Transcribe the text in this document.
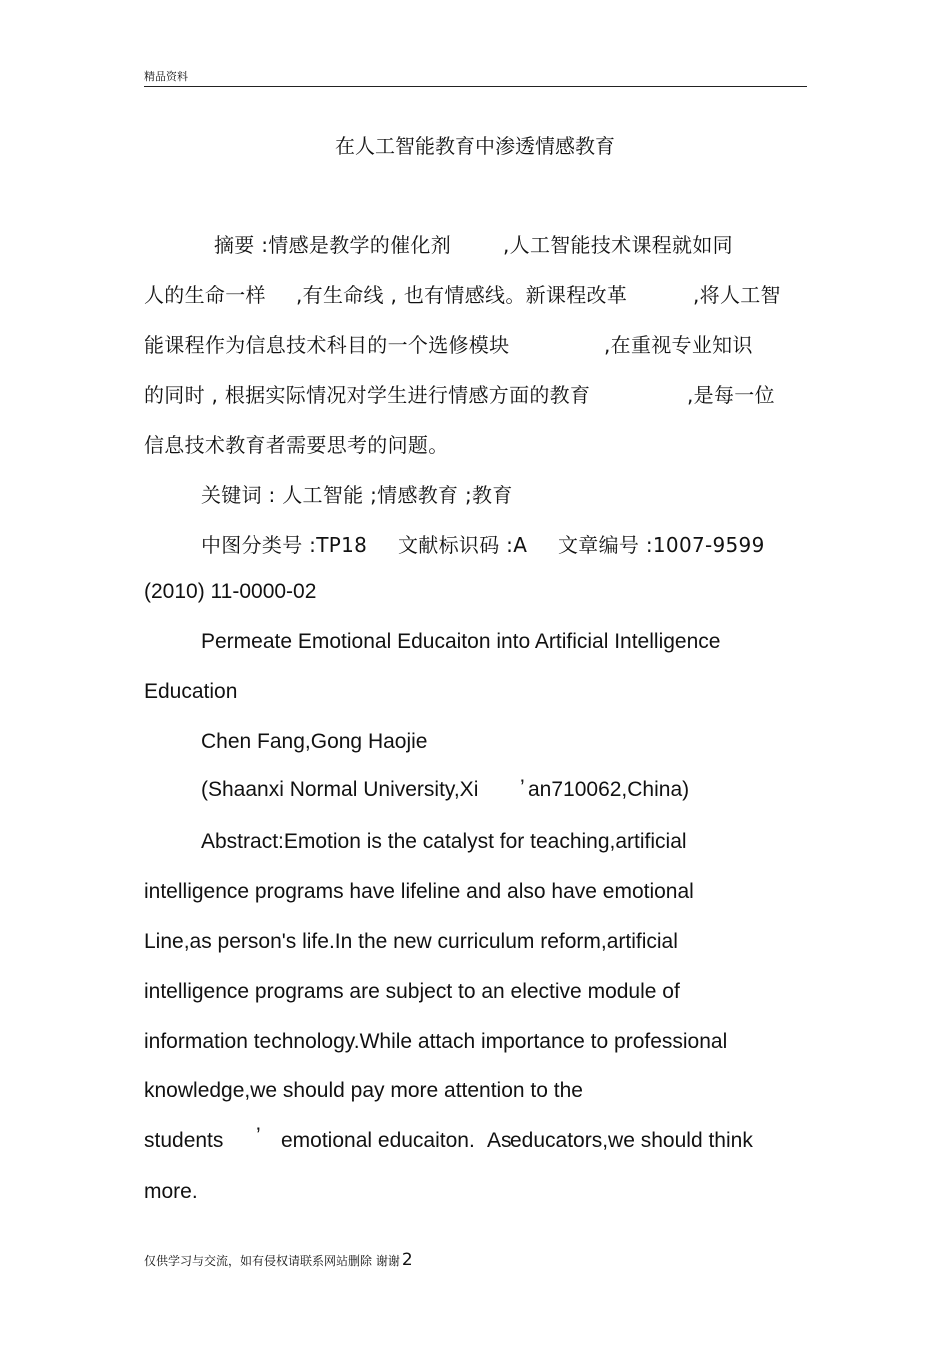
精品资料
在人工智能教育中渗透情感教育
摘要 :情感是教学的催化剂	,人工智能技术课程就如同
人的生命一样 ,有生命线 , 也有情感线。新课程改革	,将人工智
能课程作为信息技术科目的一个选修模块	,在重视专业知识
的同时 , 根据实际情况对学生进行情感方面的教育	,是每一位
信息技术教育者需要思考的问题。
关键词 : 人工智能 ;情感教育 ;教育
中图分类号 :TP18 文献标识码 :A 文章编号 :1007-9599
(2010) 11-0000-02
Permeate Emotional Educaiton into Artificial Intelligence
Education
Chen Fang,Gong Haojie
(Shaanxi Normal University,Xi ’ an710062,China)
Abstract:Emotion is the catalyst for teaching,artificial
intelligence programs have lifeline and also have emotional
Line,as person's life.In the new curriculum reform,artificial
intelligence programs are subject to an elective module of
information technology.While attach importance to professional
knowledge,we should pay more attention to the
students ’ emotional educaiton. As
educators,we should think
more.
仅供学习与交流，如有侵权请联系网站删除 谢谢 2
